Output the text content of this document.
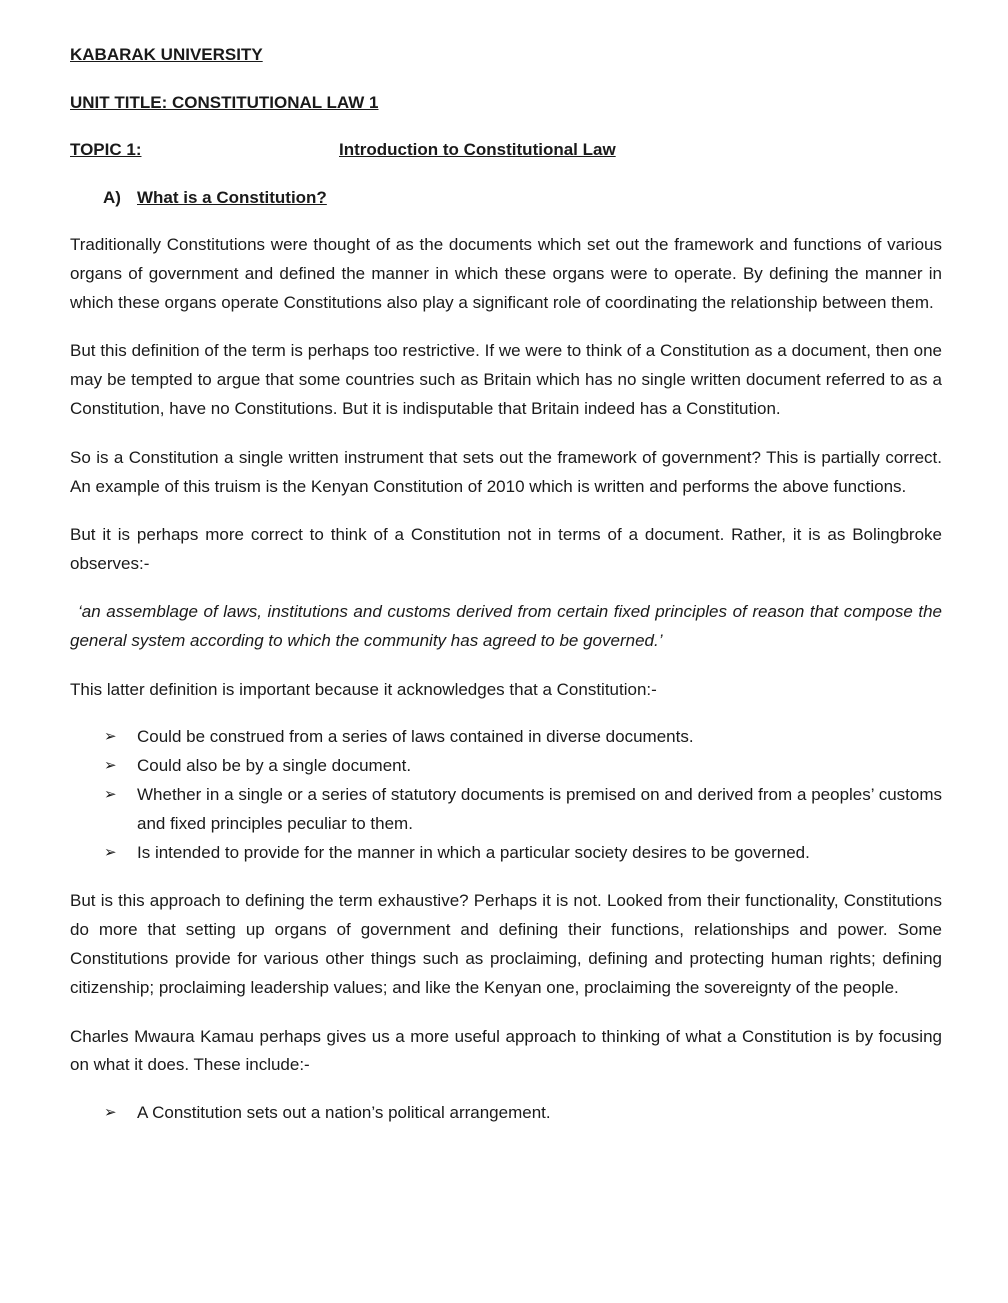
KABARAK UNIVERSITY

UNIT TITLE: CONSTITUTIONAL LAW 1

TOPIC 1:	Introduction to Constitutional Law

A) What is a Constitution?

Traditionally Constitutions were thought of as the documents which set out the framework and functions of various organs of government and defined the manner in which these organs were to operate. By defining the manner in which these organs operate Constitutions also play a significant role of coordinating the relationship between them.

But this definition of the term is perhaps too restrictive. If we were to think of a Constitution as a document, then one may be tempted to argue that some countries such as Britain which has no single written document referred to as a Constitution, have no Constitutions. But it is indisputable that Britain indeed has a Constitution.

So is a Constitution a single written instrument that sets out the framework of government? This is partially correct. An example of this truism is the Kenyan Constitution of 2010 which is written and performs the above functions.

But it is perhaps more correct to think of a Constitution not in terms of a document. Rather, it is as Bolingbroke observes:-

‘an assemblage of laws, institutions and customs derived from certain fixed principles of reason that compose the general system according to which the community has agreed to be governed.’

This latter definition is important because it acknowledges that a Constitution:-

➢ Could be construed from a series of laws contained in diverse documents.
➢ Could also be by a single document.
➢ Whether in a single or a series of statutory documents is premised on and derived from a peoples’ customs and fixed principles peculiar to them.
➢ Is intended to provide for the manner in which a particular society desires to be governed.

But is this approach to defining the term exhaustive? Perhaps it is not. Looked from their functionality, Constitutions do more that setting up organs of government and defining their functions, relationships and power. Some Constitutions provide for various other things such as proclaiming, defining and protecting human rights; defining citizenship; proclaiming leadership values; and like the Kenyan one, proclaiming the sovereignty of the people.

Charles Mwaura Kamau perhaps gives us a more useful approach to thinking of what a Constitution is by focusing on what it does. These include:-

➢ A Constitution sets out a nation’s political arrangement.
